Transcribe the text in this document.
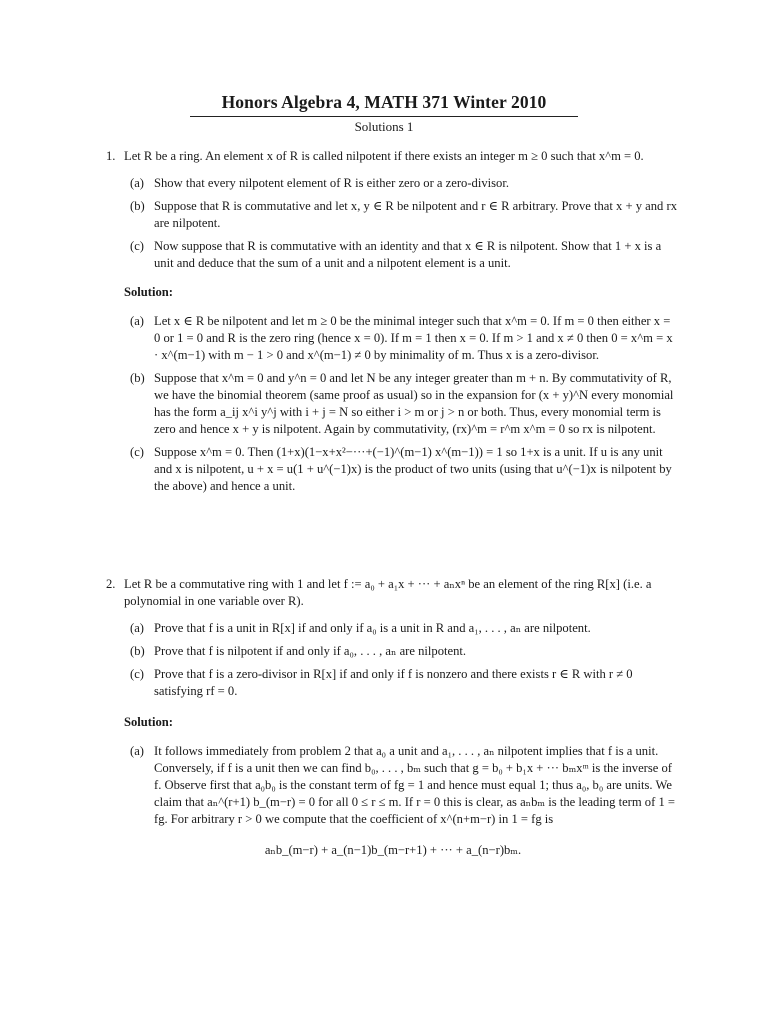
Honors Algebra 4, MATH 371 Winter 2010
Solutions 1
1. Let R be a ring. An element x of R is called nilpotent if there exists an integer m ≥ 0 such that x^m = 0.
(a) Show that every nilpotent element of R is either zero or a zero-divisor.
(b) Suppose that R is commutative and let x, y ∈ R be nilpotent and r ∈ R arbitrary. Prove that x + y and rx are nilpotent.
(c) Now suppose that R is commutative with an identity and that x ∈ R is nilpotent. Show that 1 + x is a unit and deduce that the sum of a unit and a nilpotent element is a unit.
Solution:
(a) Let x ∈ R be nilpotent and let m ≥ 0 be the minimal integer such that x^m = 0. If m = 0 then either x = 0 or 1 = 0 and R is the zero ring (hence x = 0). If m = 1 then x = 0. If m > 1 and x ≠ 0 then 0 = x^m = x · x^(m−1) with m − 1 > 0 and x^(m−1) ≠ 0 by minimality of m. Thus x is a zero-divisor.
(b) Suppose that x^m = 0 and y^n = 0 and let N be any integer greater than m + n. By commutativity of R, we have the binomial theorem (same proof as usual) so in the expansion for (x + y)^N every monomial has the form a_ij x^i y^j with i + j = N so either i > m or j > n or both. Thus, every monomial term is zero and hence x + y is nilpotent. Again by commutativity, (rx)^m = r^m x^m = 0 so rx is nilpotent.
(c) Suppose x^m = 0. Then (1+x)(1−x+x²−···+(−1)^(m−1) x^(m−1)) = 1 so 1+x is a unit. If u is any unit and x is nilpotent, u + x = u(1 + u^(−1)x) is the product of two units (using that u^(−1)x is nilpotent by the above) and hence a unit.
2. Let R be a commutative ring with 1 and let f := a₀ + a₁x + ··· + aₙxⁿ be an element of the ring R[x] (i.e. a polynomial in one variable over R).
(a) Prove that f is a unit in R[x] if and only if a₀ is a unit in R and a₁, . . . , aₙ are nilpotent.
(b) Prove that f is nilpotent if and only if a₀, . . . , aₙ are nilpotent.
(c) Prove that f is a zero-divisor in R[x] if and only if f is nonzero and there exists r ∈ R with r ≠ 0 satisfying rf = 0.
Solution:
(a) It follows immediately from problem 2 that a₀ a unit and a₁, . . . , aₙ nilpotent implies that f is a unit. Conversely, if f is a unit then we can find b₀, . . . , bₘ such that g = b₀ + b₁x + ··· bₘxᵐ is the inverse of f. Observe first that a₀b₀ is the constant term of fg = 1 and hence must equal 1; thus a₀, b₀ are units. We claim that aₙ^(r+1) b_(m−r) = 0 for all 0 ≤ r ≤ m. If r = 0 this is clear, as aₙbₘ is the leading term of 1 = fg. For arbitrary r > 0 we compute that the coefficient of x^(n+m−r) in 1 = fg is
aₙb_(m−r) + a_(n−1)b_(m−r+1) + ··· + a_(n−r)bₘ.
